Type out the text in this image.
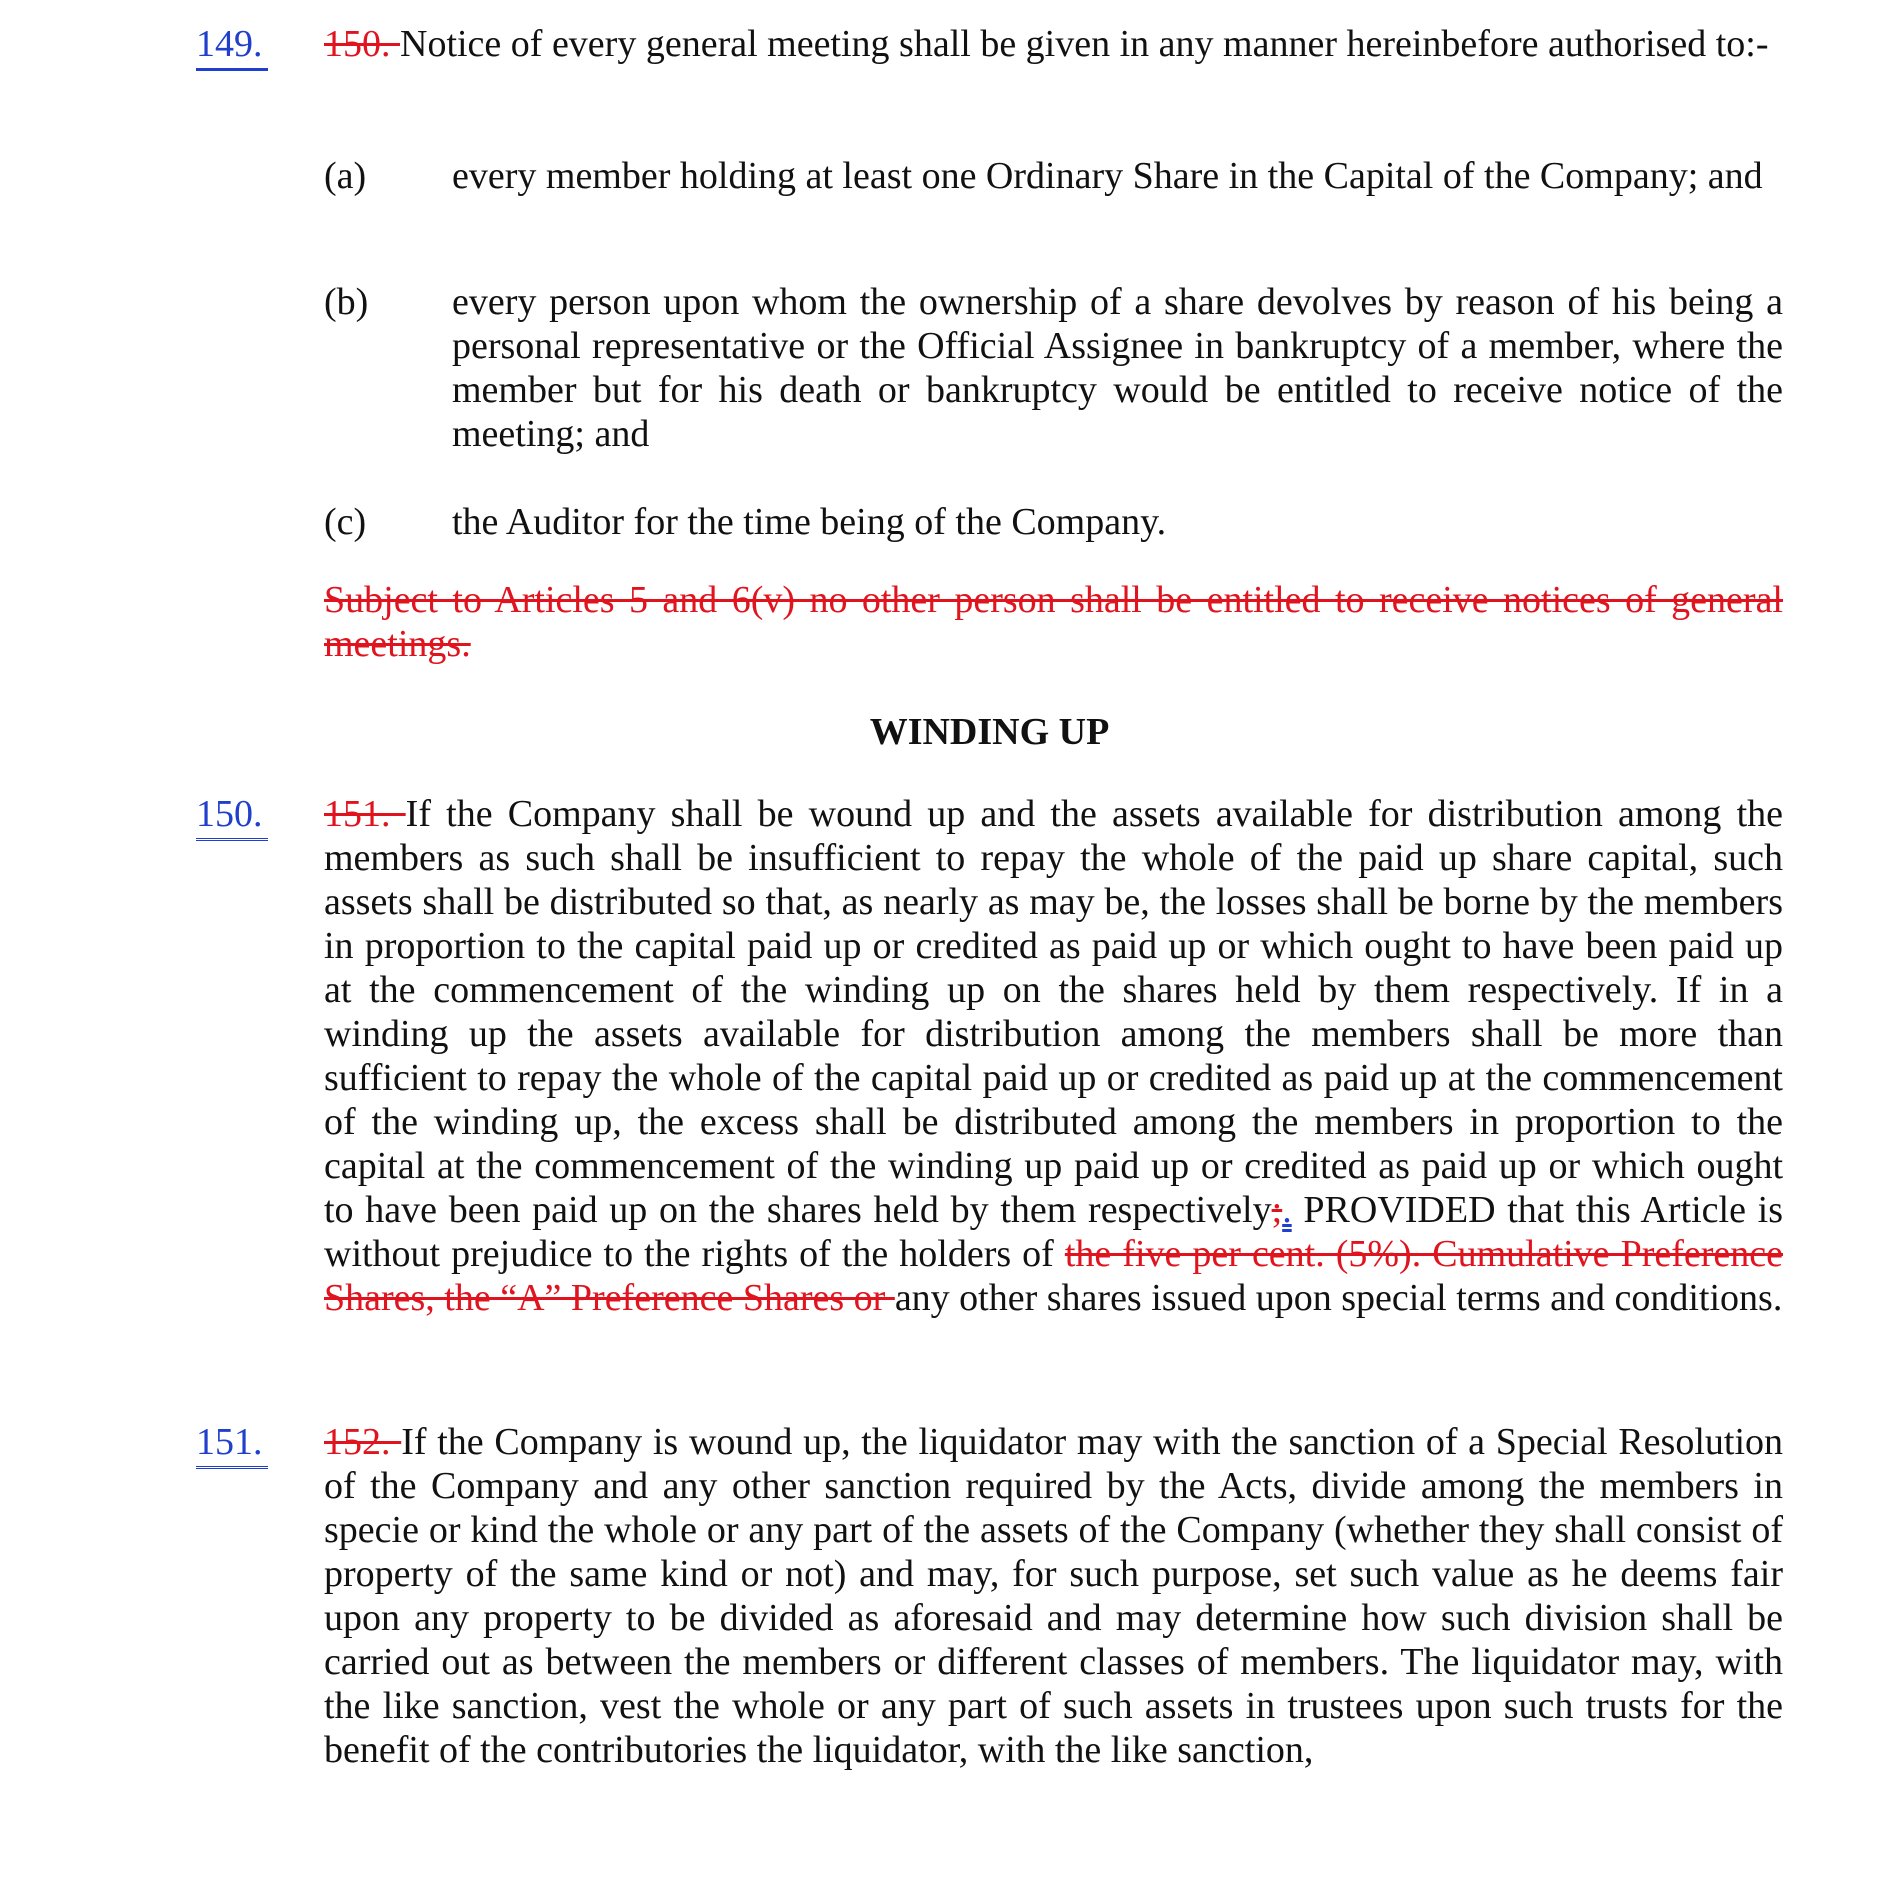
149. 150. Notice of every general meeting shall be given in any manner hereinbefore authorised to:-
(a) every member holding at least one Ordinary Share in the Capital of the Company; and
(b) every person upon whom the ownership of a share devolves by reason of his being a personal representative or the Official Assignee in bankruptcy of a member, where the member but for his death or bankruptcy would be entitled to receive notice of the meeting; and
(c) the Auditor for the time being of the Company.
Subject to Articles 5 and 6(v) no other person shall be entitled to receive notices of general meetings.
WINDING UP
150. 151. If the Company shall be wound up and the assets available for distribution among the members as such shall be insufficient to repay the whole of the paid up share capital, such assets shall be distributed so that, as nearly as may be, the losses shall be borne by the members in proportion to the capital paid up or credited as paid up or which ought to have been paid up at the commencement of the winding up on the shares held by them respectively. If in a winding up the assets available for distribution among the members shall be more than sufficient to repay the whole of the capital paid up or credited as paid up at the commencement of the winding up, the excess shall be distributed among the members in proportion to the capital at the commencement of the winding up paid up or credited as paid up or which ought to have been paid up on the shares held by them respectively;. PROVIDED that this Article is without prejudice to the rights of the holders of the five per cent. (5%). Cumulative Preference Shares, the “A” Preference Shares or any other shares issued upon special terms and conditions.
151. 152. If the Company is wound up, the liquidator may with the sanction of a Special Resolution of the Company and any other sanction required by the Acts, divide among the members in specie or kind the whole or any part of the assets of the Company (whether they shall consist of property of the same kind or not) and may, for such purpose, set such value as he deems fair upon any property to be divided as aforesaid and may determine how such division shall be carried out as between the members or different classes of members. The liquidator may, with the like sanction, vest the whole or any part of such assets in trustees upon such trusts for the benefit of the contributories the liquidator, with the like sanction,
